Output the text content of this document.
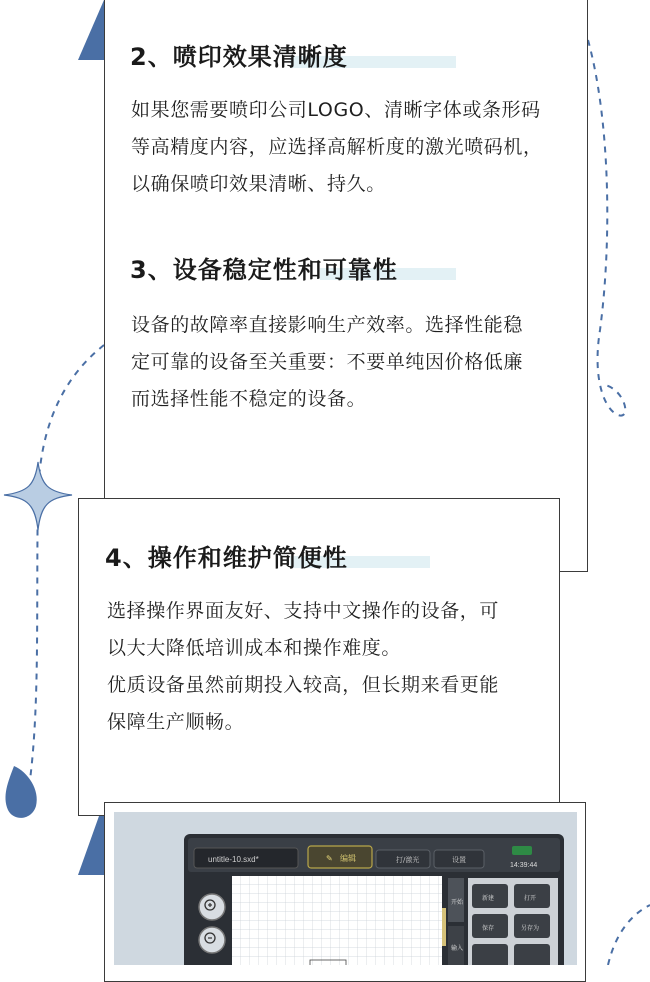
2、喷印效果清晰度

如果您需要喷印公司LOGO、清晰字体或条形码

等高精度内容，应选择高解析度的激光喷码机，

以确保喷印效果清晰、持久。

3、设备稳定性和可靠性

设备的故障率直接影响生产效率。选择性能稳

定可靠的设备至关重要：不要单纯因价格低廉

而选择性能不稳定的设备。

4、操作和维护简便性

选择操作界面友好、支持中文操作的设备，可

以大大降低培训成本和操作难度。

优质设备虽然前期投入较高，但长期来看更能

保障生产顺畅。

untitle-10.sxd*	✎ 编辑	打/激光	设置
14:39:44
开始
输入
新建	打开
保存	另存为
